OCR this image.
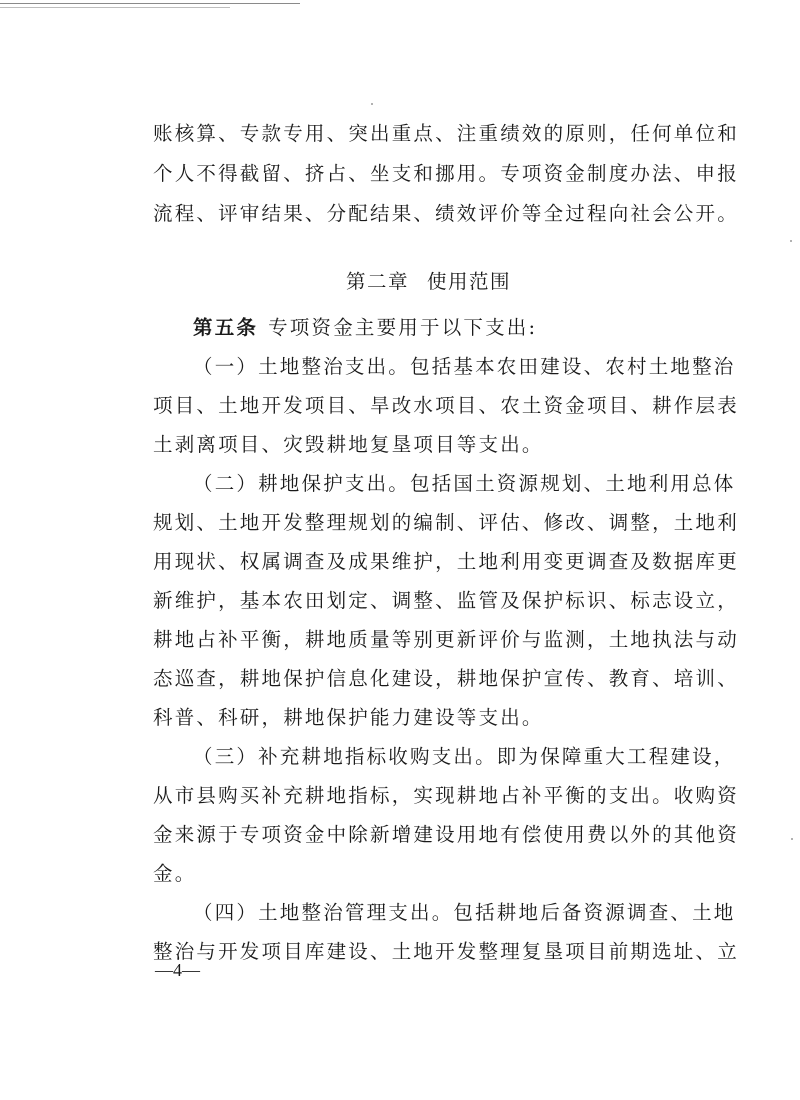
账核算、专款专用、突出重点、注重绩效的原则，任何单位和
个人不得截留、挤占、坐支和挪用。专项资金制度办法、申报
流程、评审结果、分配结果、绩效评价等全过程向社会公开。
第二章 使用范围
第五条 专项资金主要用于以下支出:
（一）土地整治支出。包括基本农田建设、农村土地整治
项目、土地开发项目、旱改水项目、农土资金项目、耕作层表
土剥离项目、灾毁耕地复垦项目等支出。
（二）耕地保护支出。包括国土资源规划、土地利用总体
规划、土地开发整理规划的编制、评估、修改、调整，土地利
用现状、权属调查及成果维护，土地利用变更调查及数据库更
新维护，基本农田划定、调整、监管及保护标识、标志设立，
耕地占补平衡，耕地质量等别更新评价与监测，土地执法与动
态巡查，耕地保护信息化建设，耕地保护宣传、教育、培训、
科普、科研，耕地保护能力建设等支出。
（三）补充耕地指标收购支出。即为保障重大工程建设，
从市县购买补充耕地指标，实现耕地占补平衡的支出。收购资
金来源于专项资金中除新增建设用地有偿使用费以外的其他资
金。
（四）土地整治管理支出。包括耕地后备资源调查、土地
整治与开发项目库建设、土地开发整理复垦项目前期选址、立
—4—
